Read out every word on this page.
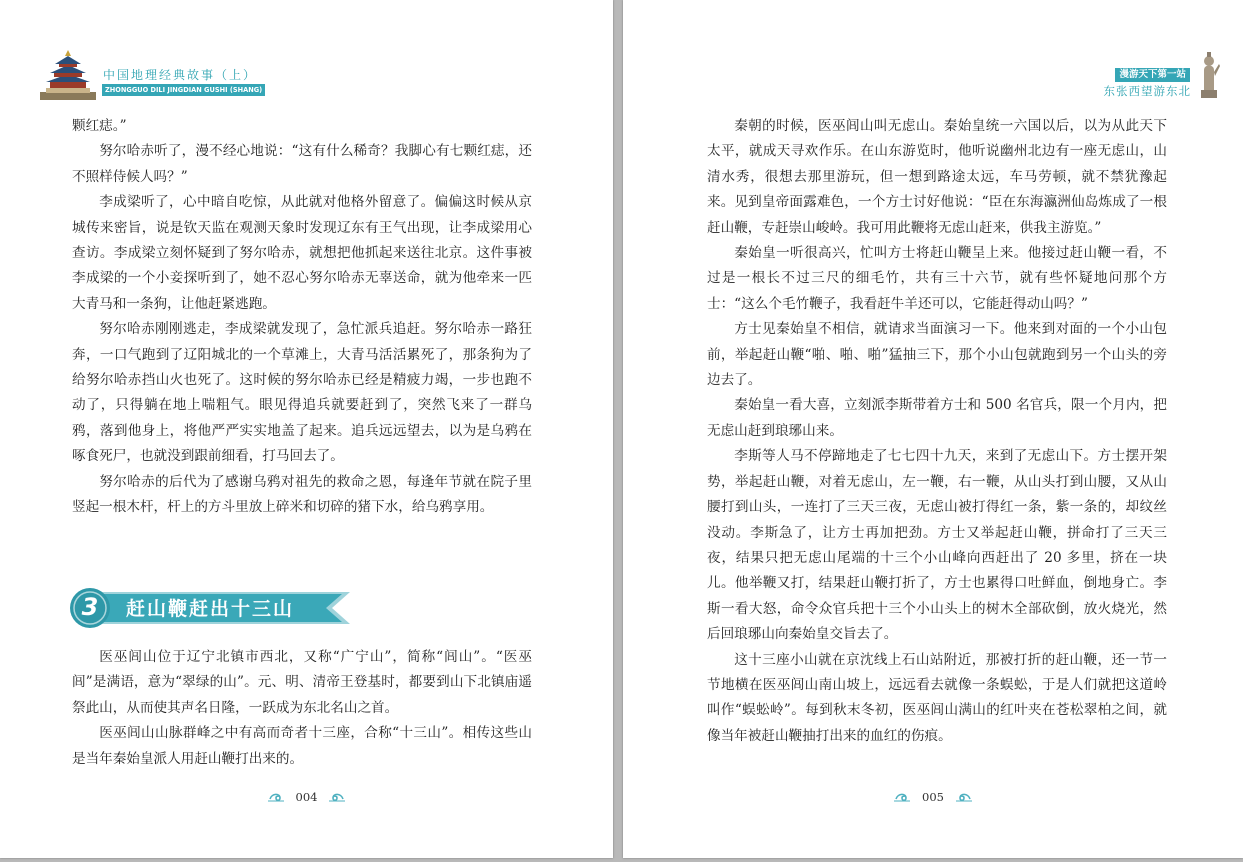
中国地理经典故事（上）
ZHONGGUO DILI JINGDIAN GUSHI (SHANG)

颗红痣。”

努尔哈赤听了，漫不经心地说：“这有什么稀奇？我脚心有七颗红痣，还不照样侍候人吗？”

李成梁听了，心中暗自吃惊，从此就对他格外留意了。偏偏这时候从京城传来密旨，说是钦天监在观测天象时发现辽东有王气出现，让李成梁用心查访。李成梁立刻怀疑到了努尔哈赤，就想把他抓起来送往北京。这件事被李成梁的一个小妾探听到了，她不忍心努尔哈赤无辜送命，就为他牵来一匹大青马和一条狗，让他赶紧逃跑。

努尔哈赤刚刚逃走，李成梁就发现了，急忙派兵追赶。努尔哈赤一路狂奔，一口气跑到了辽阳城北的一个草滩上，大青马活活累死了，那条狗为了给努尔哈赤挡山火也死了。这时候的努尔哈赤已经是精疲力竭，一步也跑不动了，只得躺在地上喘粗气。眼见得追兵就要赶到了，突然飞来了一群乌鸦，落到他身上，将他严严实实地盖了起来。追兵远远望去，以为是乌鸦在啄食死尸，也就没到跟前细看，打马回去了。

努尔哈赤的后代为了感谢乌鸦对祖先的救命之恩，每逢年节就在院子里竖起一根木杆，杆上的方斗里放上碎米和切碎的猪下水，给乌鸦享用。

3	赶山鞭赶出十三山

医巫闾山位于辽宁北镇市西北，又称“广宁山”，简称“闾山”。“医巫闾”是满语，意为“翠绿的山”。元、明、清帝王登基时，都要到山下北镇庙遥祭此山，从而使其声名日隆，一跃成为东北名山之首。

医巫闾山山脉群峰之中有高而奇者十三座，合称“十三山”。相传这些山是当年秦始皇派人用赶山鞭打出来的。

004
漫游天下第一站
东张西望游东北

秦朝的时候，医巫闾山叫无虑山。秦始皇统一六国以后，以为从此天下太平，就成天寻欢作乐。在山东游览时，他听说幽州北边有一座无虑山，山清水秀，很想去那里游玩，但一想到路途太远，车马劳顿，就不禁犹豫起来。见到皇帝面露难色，一个方士讨好他说：“臣在东海瀛洲仙岛炼成了一根赶山鞭，专赶崇山峻岭。我可用此鞭将无虑山赶来，供我主游览。”

秦始皇一听很高兴，忙叫方士将赶山鞭呈上来。他接过赶山鞭一看，不过是一根长不过三尺的细毛竹，共有三十六节，就有些怀疑地问那个方士：“这么个毛竹鞭子，我看赶牛羊还可以，它能赶得动山吗？”

方士见秦始皇不相信，就请求当面演习一下。他来到对面的一个小山包前，举起赶山鞭“啪、啪、啪”猛抽三下，那个小山包就跑到另一个山头的旁边去了。

秦始皇一看大喜，立刻派李斯带着方士和 500 名官兵，限一个月内，把无虑山赶到琅琊山来。

李斯等人马不停蹄地走了七七四十九天，来到了无虑山下。方士摆开架势，举起赶山鞭，对着无虑山，左一鞭，右一鞭，从山头打到山腰，又从山腰打到山头，一连打了三天三夜，无虑山被打得红一条，紫一条的，却纹丝没动。李斯急了，让方士再加把劲。方士又举起赶山鞭，拼命打了三天三夜，结果只把无虑山尾端的十三个小山峰向西赶出了 20 多里，挤在一块儿。他举鞭又打，结果赶山鞭打折了，方士也累得口吐鲜血，倒地身亡。李斯一看大怒，命令众官兵把十三个小山头上的树木全部砍倒，放火烧光，然后回琅琊山向秦始皇交旨去了。

这十三座小山就在京沈线上石山站附近，那被打折的赶山鞭，还一节一节地横在医巫闾山南山坡上，远远看去就像一条蜈蚣，于是人们就把这道岭叫作“蜈蚣岭”。每到秋末冬初，医巫闾山满山的红叶夹在苍松翠柏之间，就像当年被赶山鞭抽打出来的血红的伤痕。

005
